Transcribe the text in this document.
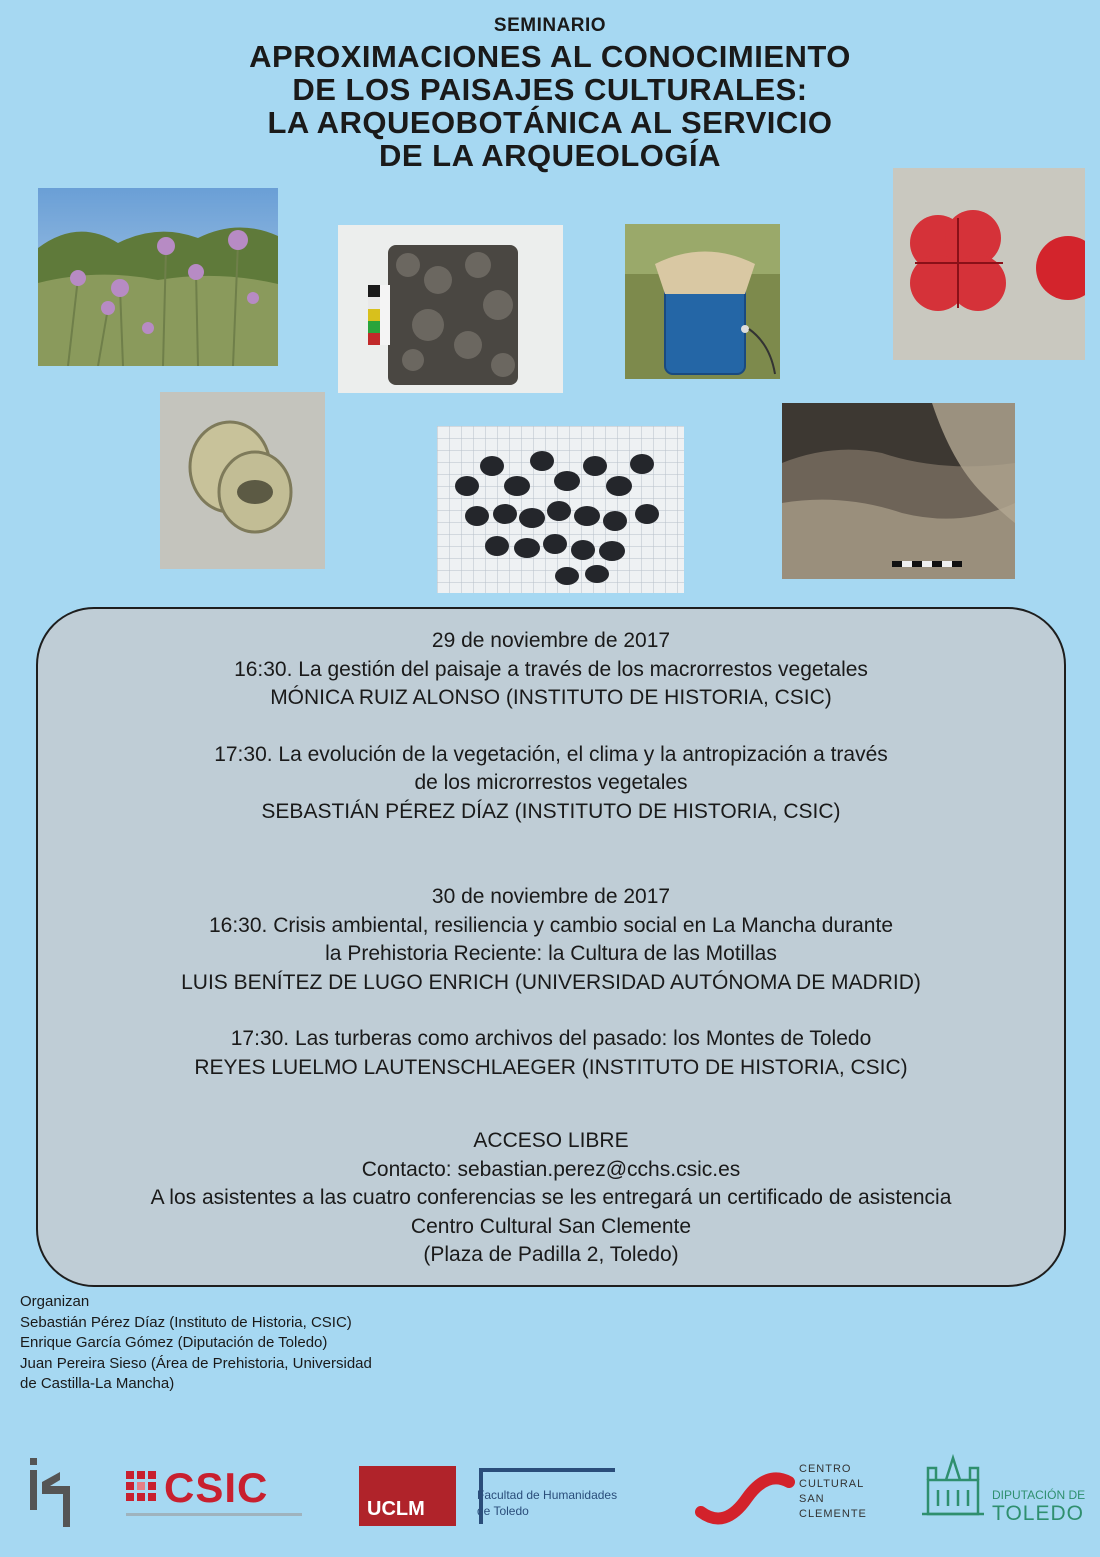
SEMINARIO
APROXIMACIONES AL CONOCIMIENTO
DE LOS PAISAJES CULTURALES:
LA ARQUEOBOTÁNICA AL SERVICIO
DE LA ARQUEOLOGÍA
29 de noviembre de 2017
16:30. La gestión del paisaje a través de los macrorrestos vegetales
MÓNICA RUIZ ALONSO (INSTITUTO DE HISTORIA, CSIC)
17:30. La evolución de la vegetación, el clima y la antropización a través
de los microrrestos vegetales
SEBASTIÁN PÉREZ DÍAZ (INSTITUTO DE HISTORIA, CSIC)
30 de noviembre de 2017
16:30. Crisis ambiental, resiliencia y cambio social en La Mancha durante
la Prehistoria Reciente: la Cultura de las Motillas
LUIS BENÍTEZ DE LUGO ENRICH (UNIVERSIDAD AUTÓNOMA DE MADRID)
17:30. Las turberas como archivos del pasado: los Montes de Toledo
REYES LUELMO LAUTENSCHLAEGER (INSTITUTO DE HISTORIA, CSIC)
ACCESO LIBRE
Contacto: sebastian.perez@cchs.csic.es
A los asistentes a las cuatro conferencias se les entregará un certificado de asistencia
Centro Cultural San Clemente
(Plaza de Padilla 2, Toledo)
Organizan
Sebastián Pérez Díaz (Instituto de Historia, CSIC)
Enrique García Gómez (Diputación de Toledo)
Juan Pereira Sieso (Área de Prehistoria, Universidad
de Castilla-La Mancha)
CSIC	UCLM
Facultad de Humanidades
de Toledo
CENTRO
CULTURAL
SAN
CLEMENTE
DIPUTACIÓN DE
TOLEDO
